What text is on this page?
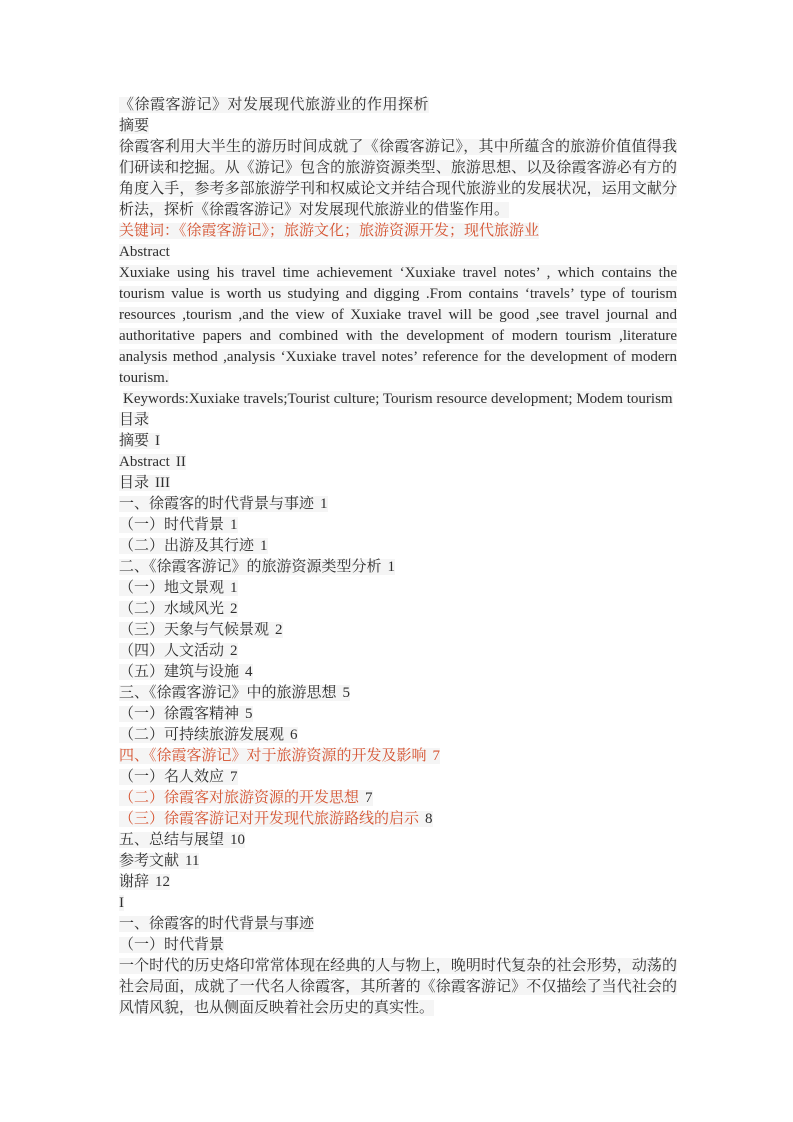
《徐霞客游记》对发展现代旅游业的作用探析
摘要
徐霞客利用大半生的游历时间成就了《徐霞客游记》，其中所蕴含的旅游价值值得我们研读和挖掘。从《游记》包含的旅游资源类型、旅游思想、以及徐霞客游必有方的角度入手，参考多部旅游学刊和权威论文并结合现代旅游业的发展状况，运用文献分析法，探析《徐霞客游记》对发展现代旅游业的借鉴作用。
关键词：《徐霞客游记》；旅游文化；旅游资源开发；现代旅游业
Abstract
Xuxiake using his travel time achievement ‘Xuxiake travel notes’ , which contains the tourism value is worth us studying and digging .From contains ‘travels’ type of tourism resources ,tourism ,and the view of Xuxiake travel will be good ,see travel journal and authoritative papers and combined with the development of modern tourism ,literature analysis method ,analysis ‘Xuxiake travel notes’ reference for the development of modern tourism.
Keywords:Xuxiake travels;Tourist culture; Tourism resource development; Modem tourism
目录
摘要 I
Abstract II
目录 III
一、徐霞客的时代背景与事迹 1
（一）时代背景 1
（二）出游及其行迹 1
二、《徐霞客游记》的旅游资源类型分析 1
（一）地文景观 1
（二）水域风光 2
（三）天象与气候景观 2
（四）人文活动 2
（五）建筑与设施 4
三、《徐霞客游记》中的旅游思想 5
（一）徐霞客精神 5
（二）可持续旅游发展观 6
四、《徐霞客游记》对于旅游资源的开发及影响 7
（一）名人效应 7
（二）徐霞客对旅游资源的开发思想 7
（三）徐霞客游记对开发现代旅游路线的启示 8
五、总结与展望 10
参考文献 11
谢辞 12
I
一、徐霞客的时代背景与事迹
（一）时代背景
一个时代的历史烙印常常体现在经典的人与物上，晚明时代复杂的社会形势，动荡的社会局面，成就了一代名人徐霞客，其所著的《徐霞客游记》不仅描绘了当代社会的风情风貌，也从侧面反映着社会历史的真实性。
